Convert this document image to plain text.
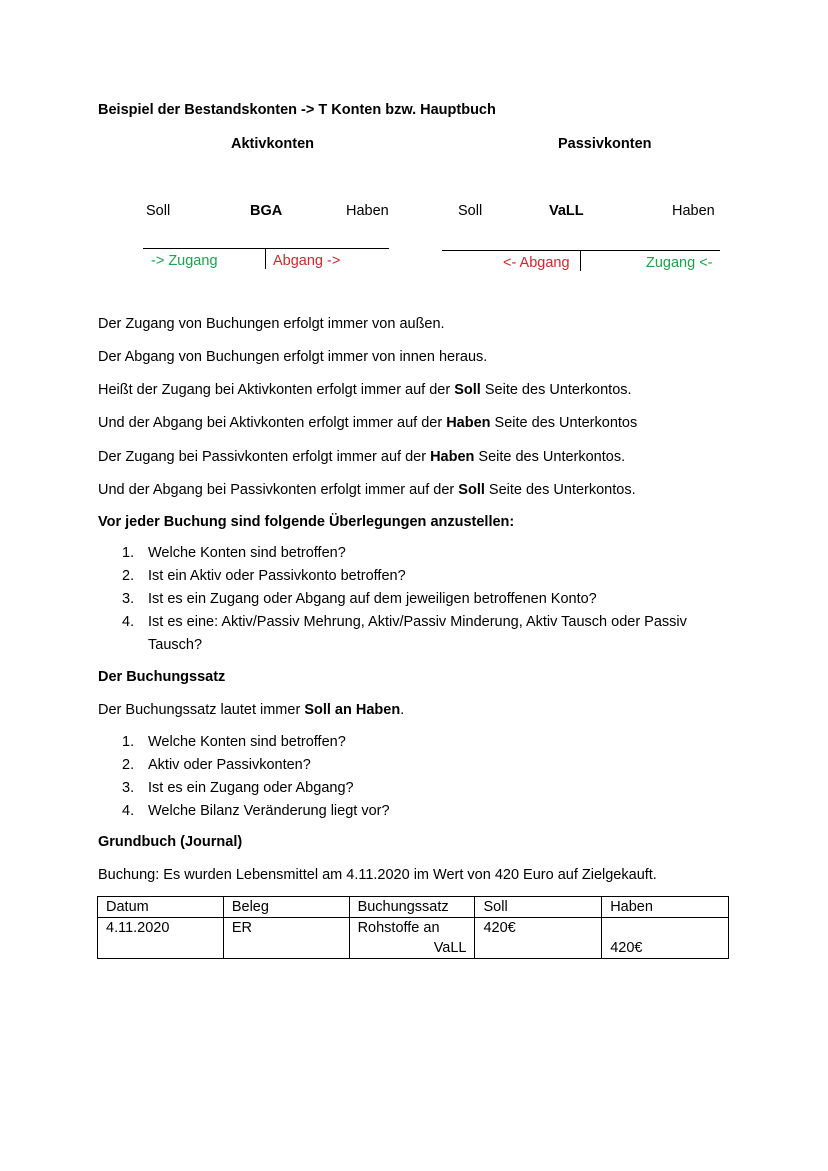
Beispiel der Bestandskonten -> T Konten bzw. Hauptbuch
Aktivkonten
Soll	BGA	Haben
-> Zugang	Abgang ->
Passivkonten
Soll	VaLL	Haben
<- Abgang	Zugang <-
Der Zugang von Buchungen erfolgt immer von außen.
Der Abgang von Buchungen erfolgt immer von innen heraus.
Heißt der Zugang bei Aktivkonten erfolgt immer auf der Soll Seite des Unterkontos.
Und der Abgang bei Aktivkonten erfolgt immer auf der Haben Seite des Unterkontos
Der Zugang bei Passivkonten erfolgt immer auf der Haben Seite des Unterkontos.
Und der Abgang bei Passivkonten erfolgt immer auf der Soll Seite des Unterkontos.
Vor jeder Buchung sind folgende Überlegungen anzustellen:
1. Welche Konten sind betroffen?
2. Ist ein Aktiv oder Passivkonto betroffen?
3. Ist es ein Zugang oder Abgang auf dem jeweiligen betroffenen Konto?
4. Ist es eine: Aktiv/Passiv Mehrung, Aktiv/Passiv Minderung, Aktiv Tausch oder Passiv
Tausch?
Der Buchungssatz
Der Buchungssatz lautet immer Soll an Haben.
1. Welche Konten sind betroffen?
2. Aktiv oder Passivkonten?
3. Ist es ein Zugang oder Abgang?
4. Welche Bilanz Veränderung liegt vor?
Grundbuch (Journal)
Buchung: Es wurden Lebensmittel am 4.11.2020 im Wert von 420 Euro auf Zielgekauft.
Datum	Beleg	Buchungssatz	Soll	Haben
4.11.2020	ER	Rohstoffe an
VaLL	420€	420€
